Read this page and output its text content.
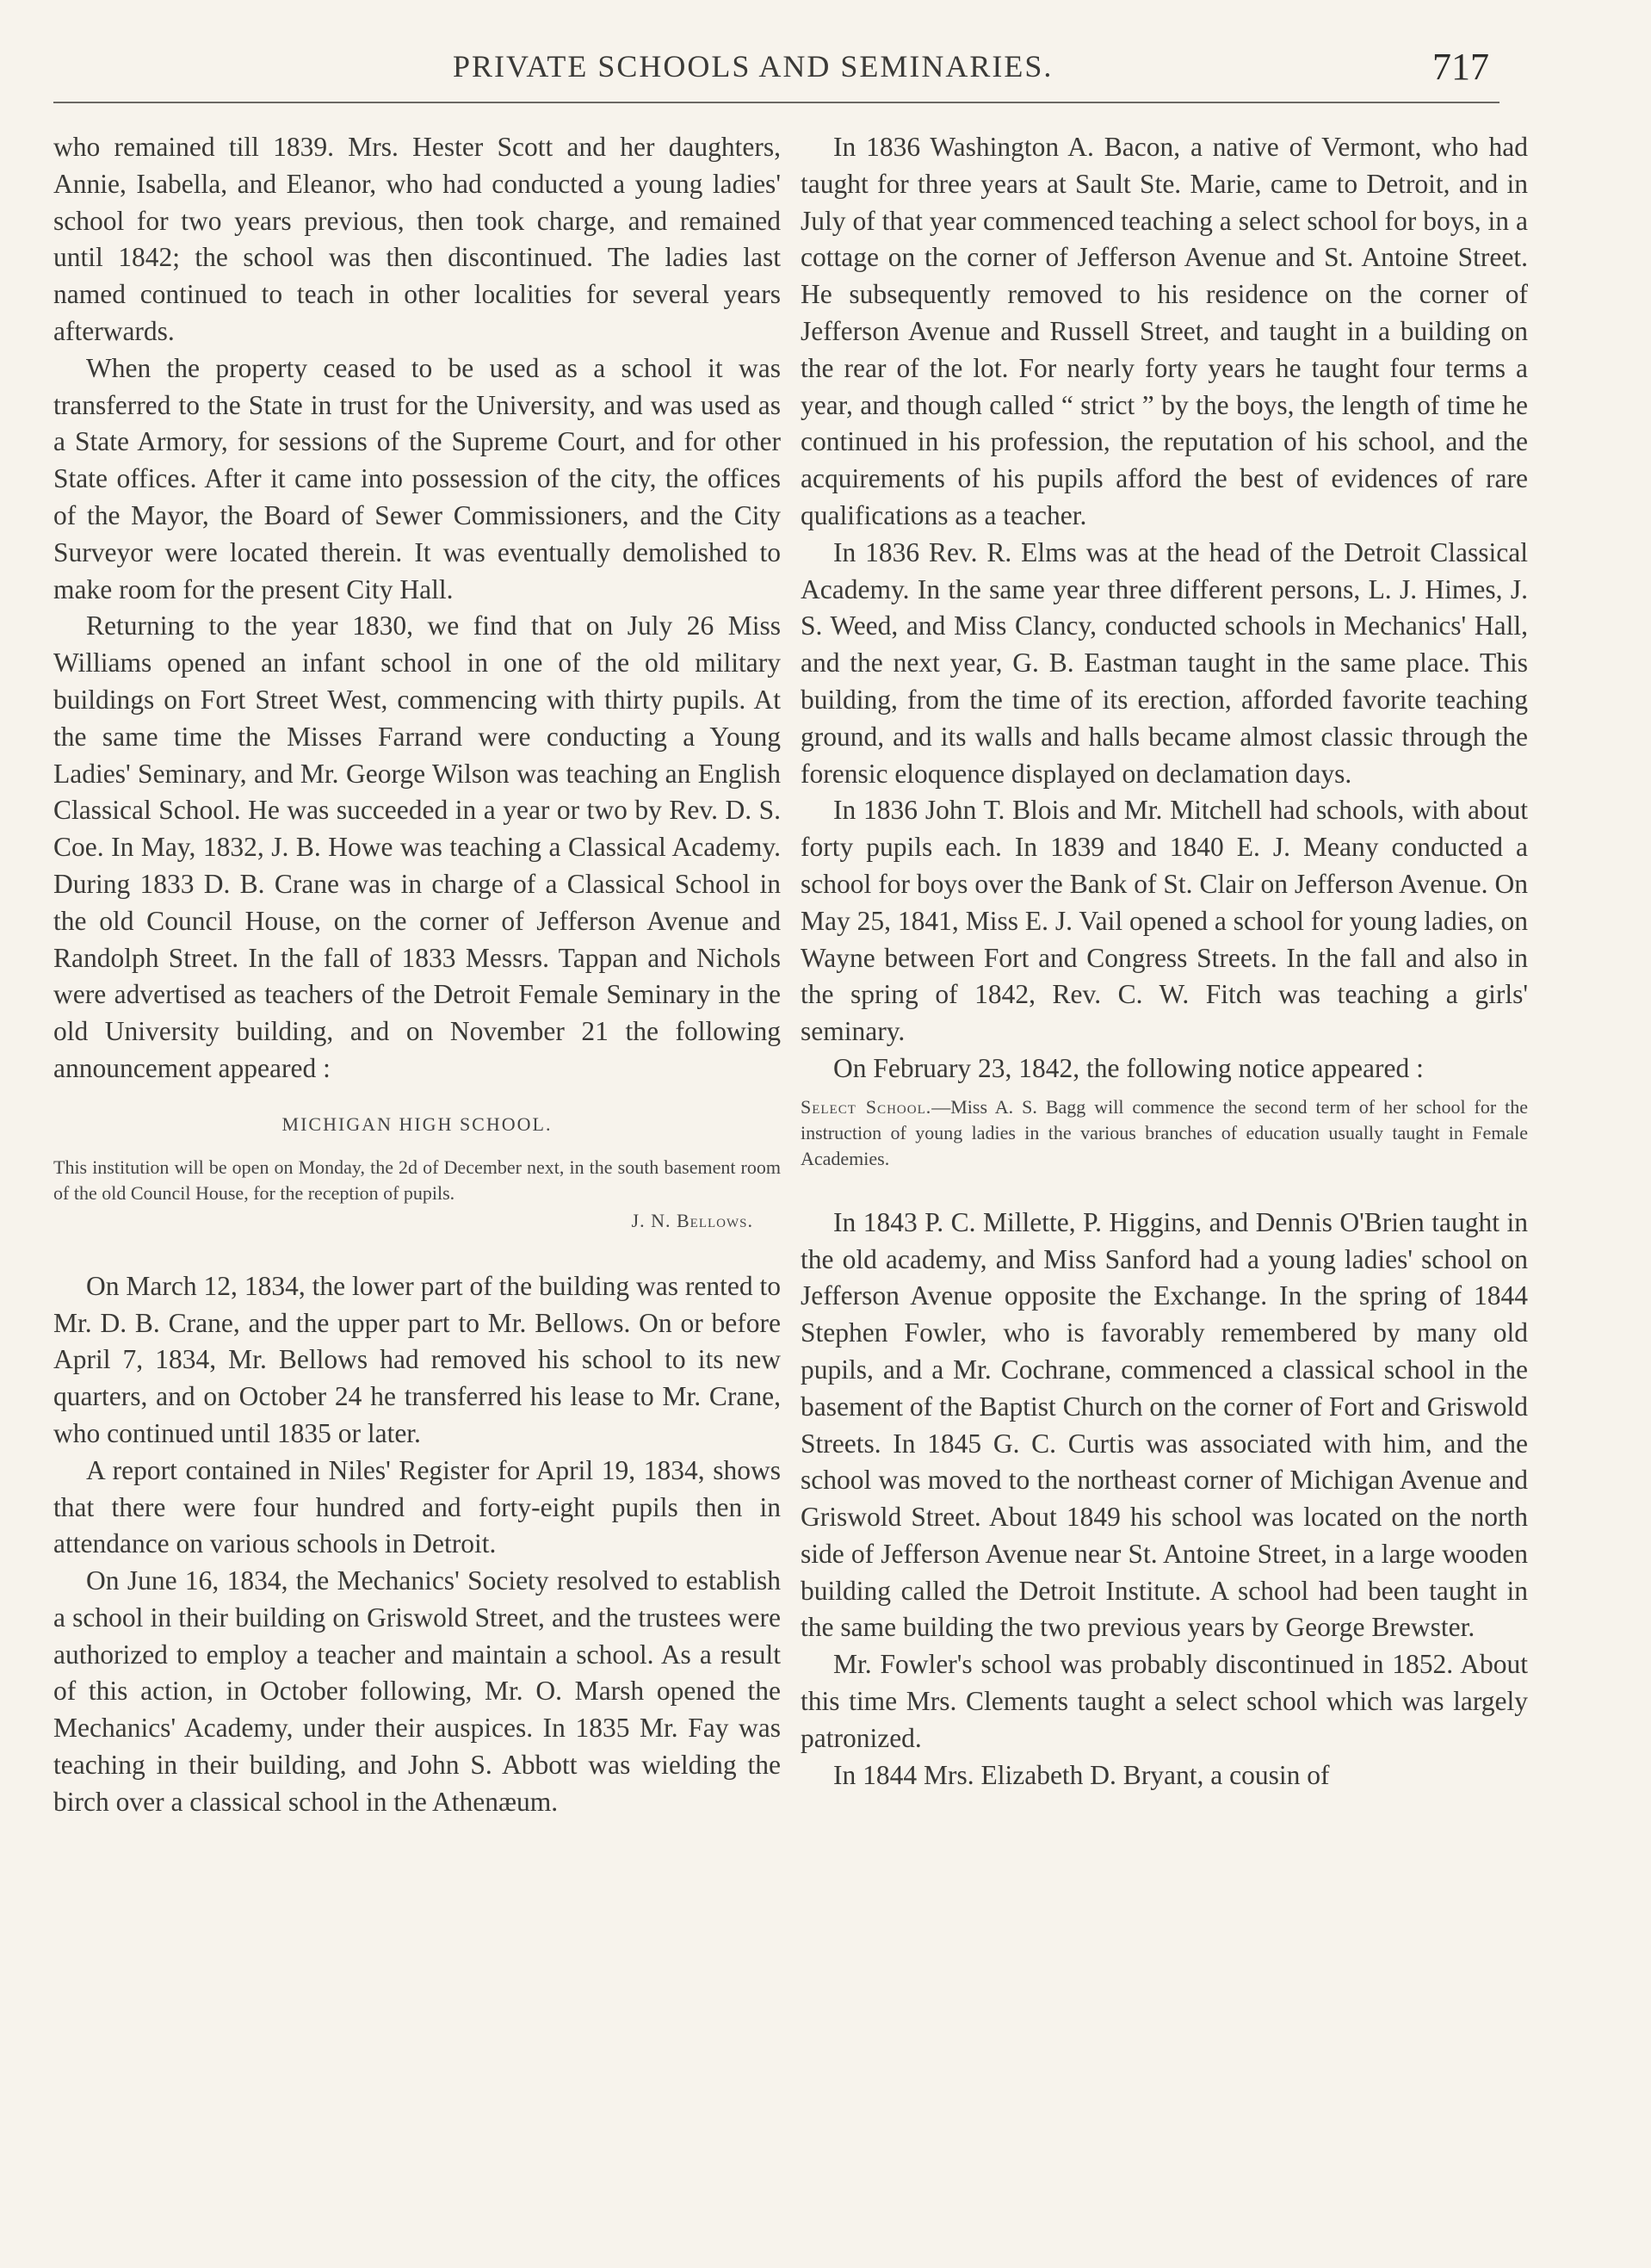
PRIVATE SCHOOLS AND SEMINARIES.	717

who remained till 1839. Mrs. Hester Scott and her daughters, Annie, Isabella, and Eleanor, who had conducted a young ladies' school for two years previous, then took charge, and remained until 1842; the school was then discontinued. The ladies last named continued to teach in other localities for several years afterwards.

When the property ceased to be used as a school it was transferred to the State in trust for the University, and was used as a State Armory, for sessions of the Supreme Court, and for other State offices. After it came into possession of the city, the offices of the Mayor, the Board of Sewer Commissioners, and the City Surveyor were located therein. It was eventually demolished to make room for the present City Hall.

Returning to the year 1830, we find that on July 26 Miss Williams opened an infant school in one of the old military buildings on Fort Street West, commencing with thirty pupils. At the same time the Misses Farrand were conducting a Young Ladies' Seminary, and Mr. George Wilson was teaching an English Classical School. He was succeeded in a year or two by Rev. D. S. Coe. In May, 1832, J. B. Howe was teaching a Classical Academy. During 1833 D. B. Crane was in charge of a Classical School in the old Council House, on the corner of Jefferson Avenue and Randolph Street. In the fall of 1833 Messrs. Tappan and Nichols were advertised as teachers of the Detroit Female Seminary in the old University building, and on November 21 the following announcement appeared :

MICHIGAN HIGH SCHOOL.
This institution will be open on Monday, the 2d of December next, in the south basement room of the old Council House, for the reception of pupils.
J. N. Bellows.

On March 12, 1834, the lower part of the building was rented to Mr. D. B. Crane, and the upper part to Mr. Bellows. On or before April 7, 1834, Mr. Bellows had removed his school to its new quarters, and on October 24 he transferred his lease to Mr. Crane, who continued until 1835 or later.

A report contained in Niles' Register for April 19, 1834, shows that there were four hundred and forty-eight pupils then in attendance on various schools in Detroit.

On June 16, 1834, the Mechanics' Society resolved to establish a school in their building on Griswold Street, and the trustees were authorized to employ a teacher and maintain a school. As a result of this action, in October following, Mr. O. Marsh opened the Mechanics' Academy, under their auspices. In 1835 Mr. Fay was teaching in their building, and John S. Abbott was wielding the birch over a classical school in the Athenæum.

In 1836 Washington A. Bacon, a native of Vermont, who had taught for three years at Sault Ste. Marie, came to Detroit, and in July of that year commenced teaching a select school for boys, in a cottage on the corner of Jefferson Avenue and St. Antoine Street. He subsequently removed to his residence on the corner of Jefferson Avenue and Russell Street, and taught in a building on the rear of the lot. For nearly forty years he taught four terms a year, and though called “ strict ” by the boys, the length of time he continued in his profession, the reputation of his school, and the acquirements of his pupils afford the best of evidences of rare qualifications as a teacher.

In 1836 Rev. R. Elms was at the head of the Detroit Classical Academy. In the same year three different persons, L. J. Himes, J. S. Weed, and Miss Clancy, conducted schools in Mechanics' Hall, and the next year, G. B. Eastman taught in the same place. This building, from the time of its erection, afforded favorite teaching ground, and its walls and halls became almost classic through the forensic eloquence displayed on declamation days.

In 1836 John T. Blois and Mr. Mitchell had schools, with about forty pupils each. In 1839 and 1840 E. J. Meany conducted a school for boys over the Bank of St. Clair on Jefferson Avenue. On May 25, 1841, Miss E. J. Vail opened a school for young ladies, on Wayne between Fort and Congress Streets. In the fall and also in the spring of 1842, Rev. C. W. Fitch was teaching a girls' seminary.

On February 23, 1842, the following notice appeared :

Select School.—Miss A. S. Bagg will commence the second term of her school for the instruction of young ladies in the various branches of education usually taught in Female Academies.

In 1843 P. C. Millette, P. Higgins, and Dennis O'Brien taught in the old academy, and Miss Sanford had a young ladies' school on Jefferson Avenue opposite the Exchange. In the spring of 1844 Stephen Fowler, who is favorably remembered by many old pupils, and a Mr. Cochrane, commenced a classical school in the basement of the Baptist Church on the corner of Fort and Griswold Streets. In 1845 G. C. Curtis was associated with him, and the school was moved to the northeast corner of Michigan Avenue and Griswold Street. About 1849 his school was located on the north side of Jefferson Avenue near St. Antoine Street, in a large wooden building called the Detroit Institute. A school had been taught in the same building the two previous years by George Brewster.

Mr. Fowler's school was probably discontinued in 1852. About this time Mrs. Clements taught a select school which was largely patronized.

In 1844 Mrs. Elizabeth D. Bryant, a cousin of
